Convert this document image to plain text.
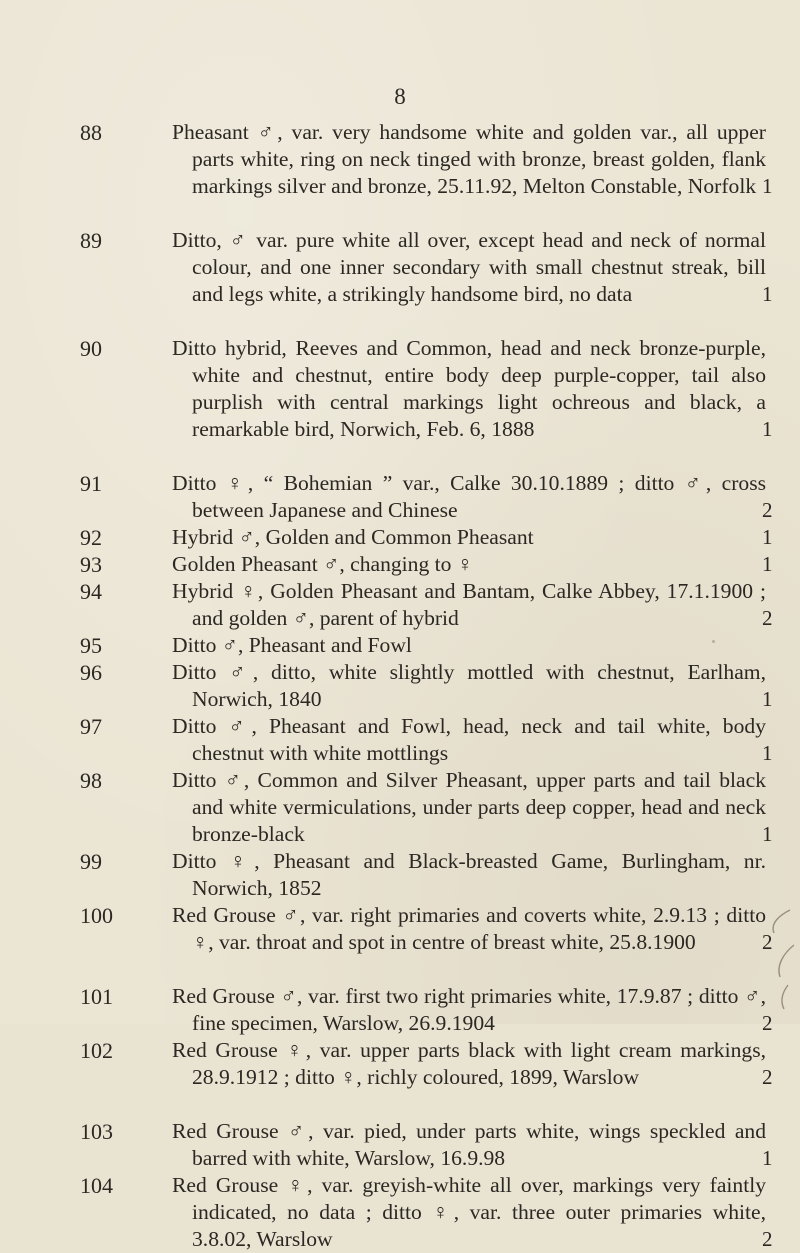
8
88	Pheasant ♂, var. very handsome white and golden var., all upper parts white, ring on neck tinged with bronze, breast golden, flank markings silver and bronze, 25.11.92, Melton Constable, Norfolk 1
89	Ditto, ♂ var. pure white all over, except head and neck of normal colour, and one inner secondary with small chestnut streak, bill and legs white, a strikingly handsome bird, no data	1
90	Ditto hybrid, Reeves and Common, head and neck bronze-purple, white and chestnut, entire body deep purple-copper, tail also purplish with central markings light ochreous and black, a remarkable bird, Norwich, Feb. 6, 1888	1
91	Ditto ♀, “ Bohemian ” var., Calke 30.10.1889 ; ditto ♂, cross between Japanese and Chinese	2
92	Hybrid ♂, Golden and Common Pheasant	1
93	Golden Pheasant ♂, changing to ♀	1
94	Hybrid ♀, Golden Pheasant and Bantam, Calke Abbey, 17.1.1900 ; and golden ♂, parent of hybrid	2
95	Ditto ♂, Pheasant and Fowl
96	Ditto ♂, ditto, white slightly mottled with chestnut, Earlham, Norwich, 1840	1
97	Ditto ♂, Pheasant and Fowl, head, neck and tail white, body chestnut with white mottlings	1
98	Ditto ♂, Common and Silver Pheasant, upper parts and tail black and white vermiculations, under parts deep copper, head and neck bronze-black	1
99	Ditto ♀, Pheasant and Black-breasted Game, Burlingham, nr. Norwich, 1852
100	Red Grouse ♂, var. right primaries and coverts white, 2.9.13 ; ditto ♀, var. throat and spot in centre of breast white, 25.8.1900	2
101	Red Grouse ♂, var. first two right primaries white, 17.9.87 ; ditto ♂, fine specimen, Warslow, 26.9.1904	2
102	Red Grouse ♀, var. upper parts black with light cream markings, 28.9.1912 ; ditto ♀, richly coloured, 1899, Warslow	2
103	Red Grouse ♂, var. pied, under parts white, wings speckled and barred with white, Warslow, 16.9.98	1
104	Red Grouse ♀, var. greyish-white all over, markings very faintly indicated, no data ; ditto ♀, var. three outer primaries white, 3.8.02, Warslow	2
